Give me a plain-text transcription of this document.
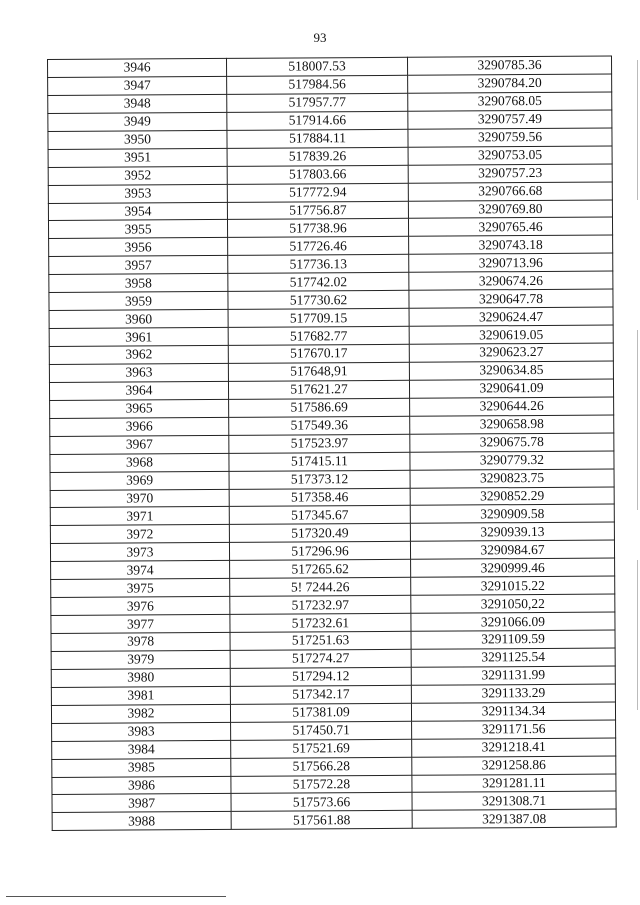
93
3946	518007.53	3290785.36
3947	517984.56	3290784.20
3948	517957.77	3290768.05
3949	517914.66	3290757.49
3950	517884.11	3290759.56
3951	517839.26	3290753.05
3952	517803.66	3290757.23
3953	517772.94	3290766.68
3954	517756.87	3290769.80
3955	517738.96	3290765.46
3956	517726.46	3290743.18
3957	517736.13	3290713.96
3958	517742.02	3290674.26
3959	517730.62	3290647.78
3960	517709.15	3290624.47
3961	517682.77	3290619.05
3962	517670.17	3290623.27
3963	517648,91	3290634.85
3964	517621.27	3290641.09
3965	517586.69	3290644.26
3966	517549.36	3290658.98
3967	517523.97	3290675.78
3968	517415.11	3290779.32
3969	517373.12	3290823.75
3970	517358.46	3290852.29
3971	517345.67	3290909.58
3972	517320.49	3290939.13
3973	517296.96	3290984.67
3974	517265.62	3290999.46
3975	5! 7244.26	3291015.22
3976	517232.97	3291050,22
3977	517232.61	3291066.09
3978	517251.63	3291109.59
3979	517274.27	3291125.54
3980	517294.12	3291131.99
3981	517342.17	3291133.29
3982	517381.09	3291134.34
3983	517450.71	3291171.56
3984	517521.69	3291218.41
3985	517566.28	3291258.86
3986	517572.28	3291281.11
3987	517573.66	3291308.71
3988	517561.88	3291387.08
